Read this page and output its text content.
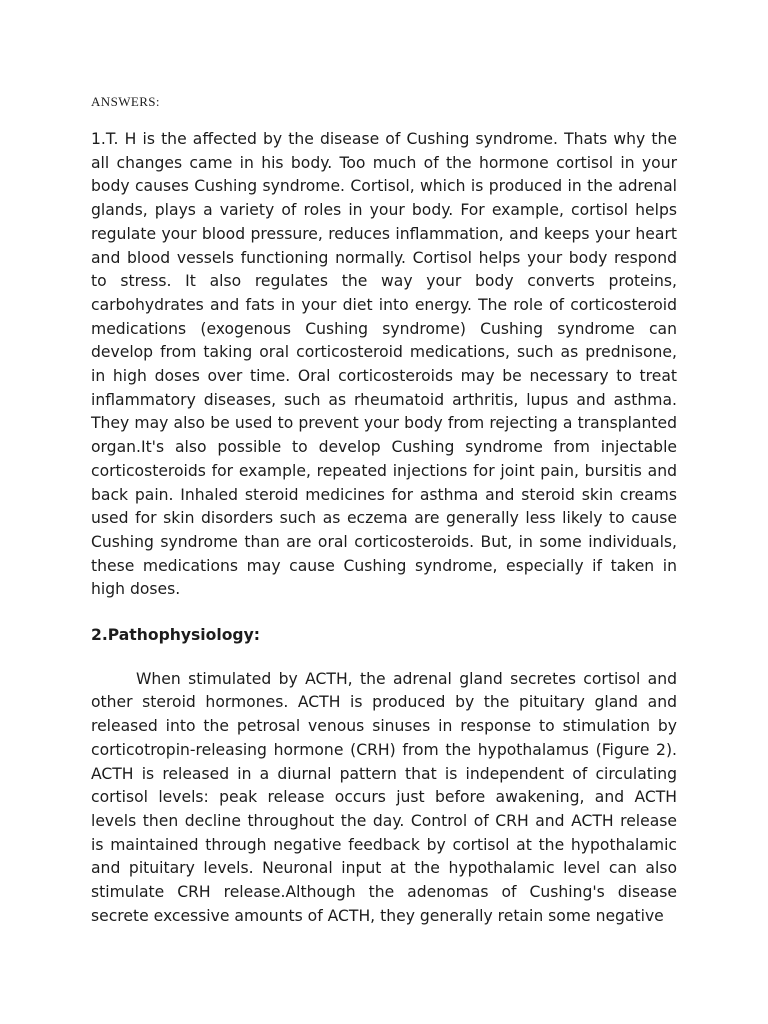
ANSWERS:

1.T. H is the affected by the disease of Cushing syndrome. Thats why the all changes came in his body. Too much of the hormone cortisol in your body causes Cushing syndrome. Cortisol, which is produced in the adrenal glands, plays a variety of roles in your body. For example, cortisol helps regulate your blood pressure, reduces inflammation, and keeps your heart and blood vessels functioning normally. Cortisol helps your body respond to stress. It also regulates the way your body converts proteins, carbohydrates and fats in your diet into energy. The role of corticosteroid medications (exogenous Cushing syndrome) Cushing syndrome can develop from taking oral corticosteroid medications, such as prednisone, in high doses over time. Oral corticosteroids may be necessary to treat inflammatory diseases, such as rheumatoid arthritis, lupus and asthma. They may also be used to prevent your body from rejecting a transplanted organ.It's also possible to develop Cushing syndrome from injectable corticosteroids for example, repeated injections for joint pain, bursitis and back pain. Inhaled steroid medicines for asthma and steroid skin creams used for skin disorders such as eczema are generally less likely to cause Cushing syndrome than are oral corticosteroids. But, in some individuals, these medications may cause Cushing syndrome, especially if taken in high doses.

2.Pathophysiology:

When stimulated by ACTH, the adrenal gland secretes cortisol and other steroid hormones. ACTH is produced by the pituitary gland and released into the petrosal venous sinuses in response to stimulation by corticotropin-releasing hormone (CRH) from the hypothalamus (Figure 2). ACTH is released in a diurnal pattern that is independent of circulating cortisol levels: peak release occurs just before awakening, and ACTH levels then decline throughout the day. Control of CRH and ACTH release is maintained through negative feedback by cortisol at the hypothalamic and pituitary levels. Neuronal input at the hypothalamic level can also stimulate CRH release.Although the adenomas of Cushing's disease secrete excessive amounts of ACTH, they generally retain some negative
